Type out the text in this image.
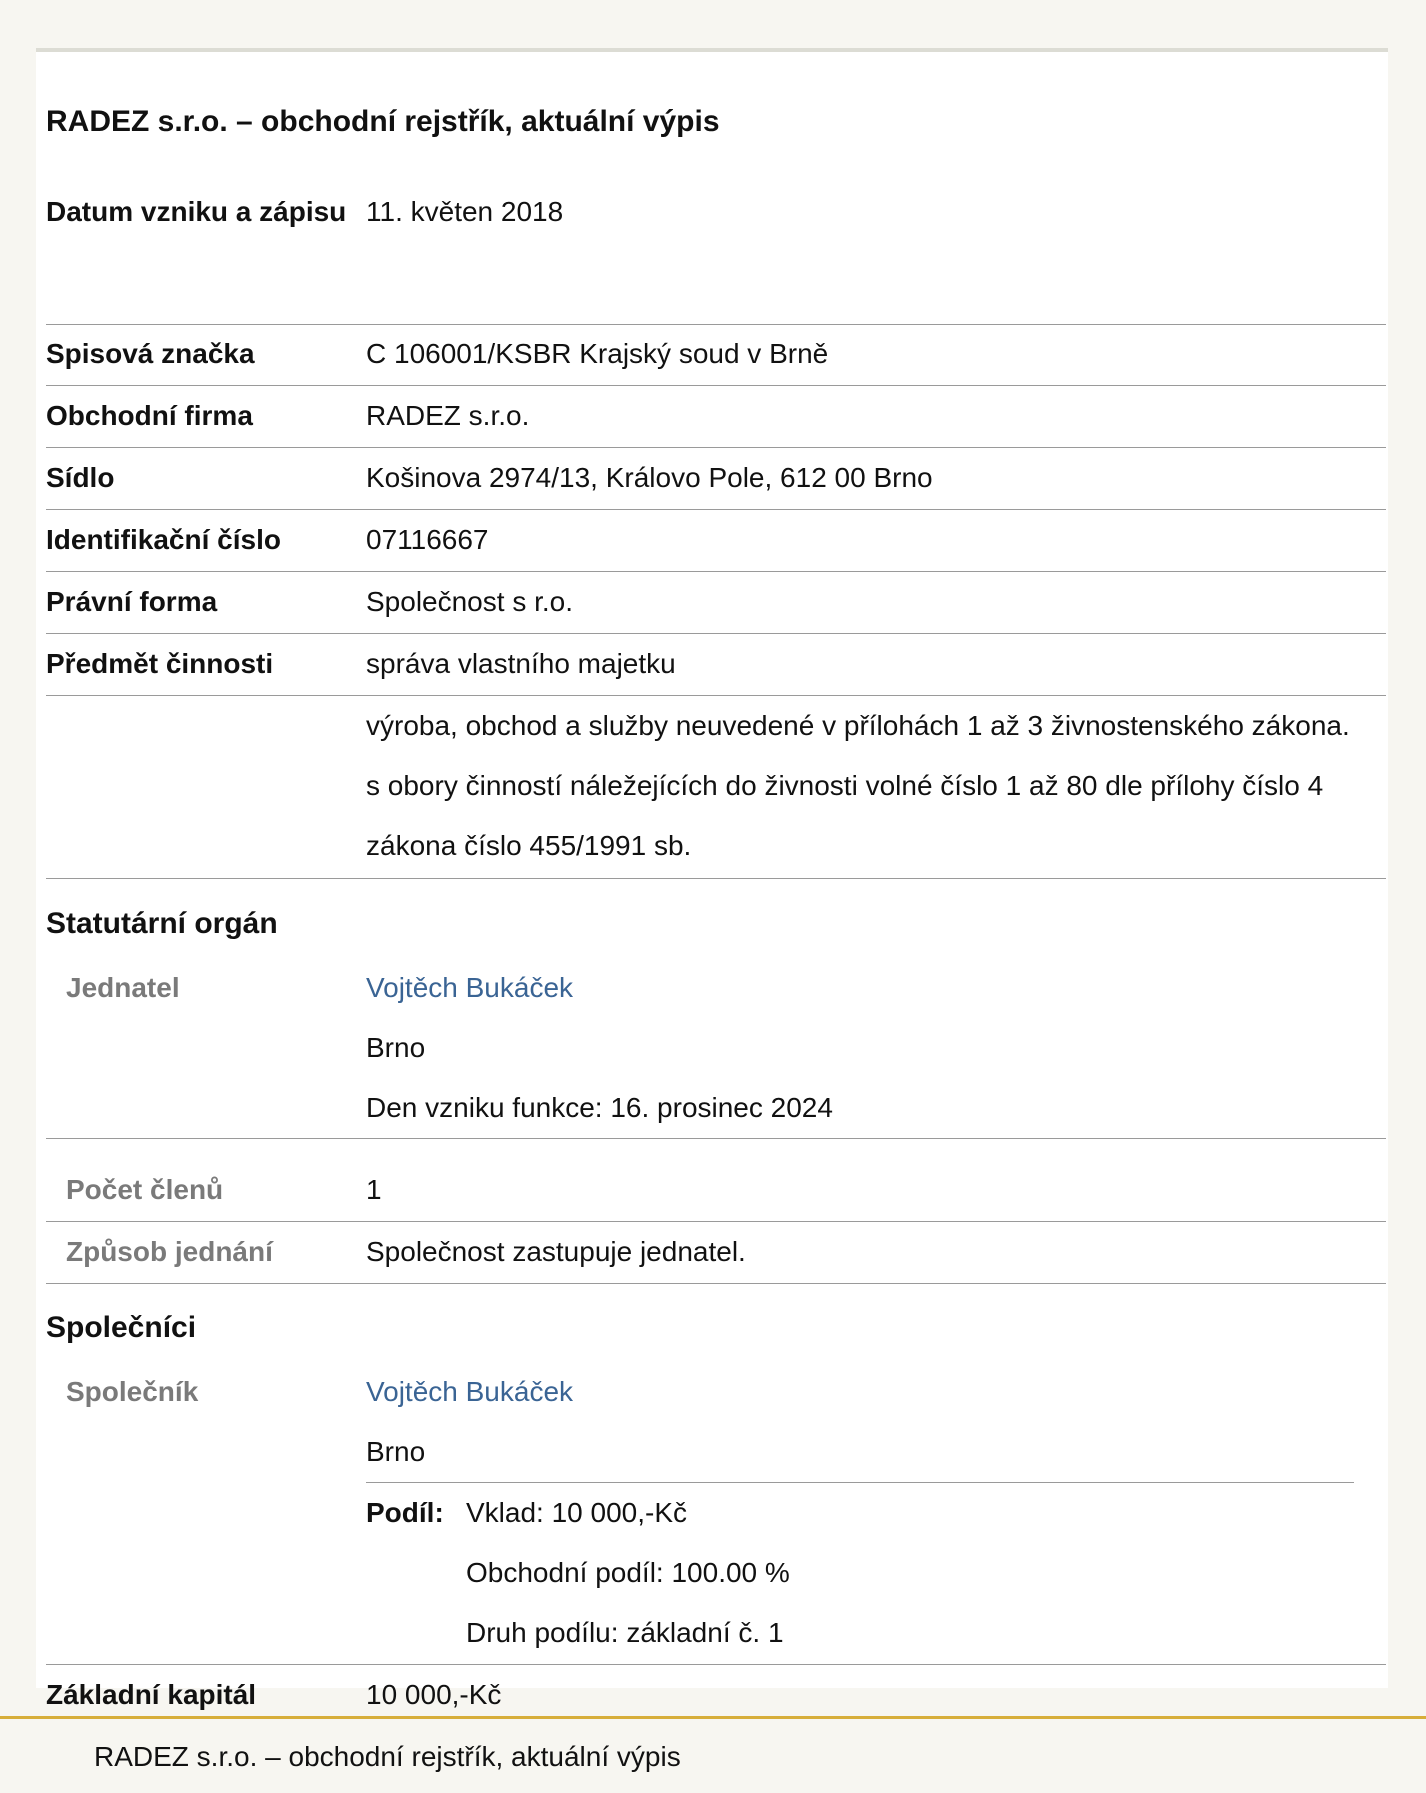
RADEZ s.r.o. – obchodní rejstřík, aktuální výpis
Datum vzniku a zápisu 11. květen 2018
Spisová značka	C 106001/KSBR Krajský soud v Brně
Obchodní firma	RADEZ s.r.o.
Sídlo	Košinova 2974/13, Královo Pole, 612 00 Brno
Identifikační číslo	07116667
Právní forma	Společnost s r.o.
Předmět činnosti	správa vlastního majetku
výroba, obchod a služby neuvedené v přílohách 1 až 3 živnostenského zákona. s obory činností náležejících do živnosti volné číslo 1 až 80 dle přílohy číslo 4 zákona číslo 455/1991 sb.
Statutární orgán
Jednatel	Vojtěch Bukáček
Brno
Den vzniku funkce: 16. prosinec 2024
Počet členů	1
Způsob jednání	Společnost zastupuje jednatel.
Společníci
Společník	Vojtěch Bukáček
Brno
Podíl: Vklad: 10 000,-Kč
Obchodní podíl: 100.00 %
Druh podílu: základní č. 1
Základní kapitál	10 000,-Kč
RADEZ s.r.o. – obchodní rejstřík, aktuální výpis
